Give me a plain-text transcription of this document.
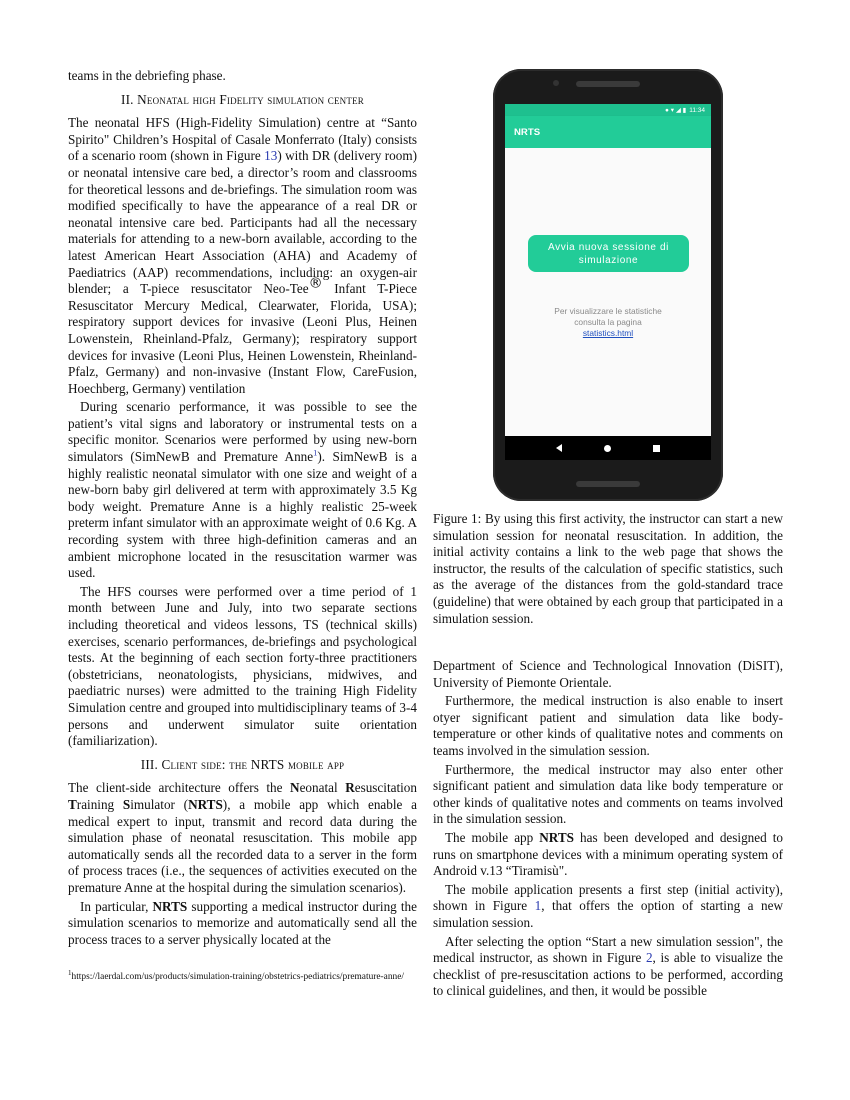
teams in the debriefing phase.

II. Neonatal high Fidelity simulation center

The neonatal HFS (High-Fidelity Simulation) centre at “Santo Spirito" Children’s Hospital of Casale Monferrato (Italy) consists of a scenario room (shown in Figure 13) with DR (delivery room) or neonatal intensive care bed, a director’s room and classrooms for theoretical lessons and de-briefings. The simulation room was modified specifically to have the appearance of a real DR or neonatal intensive care bed. Participants had all the necessary materials for attending to a new-born available, according to the latest American Heart Association (AHA) and Academy of Paediatrics (AAP) recommendations, including: an oxygen-air blender; a T-piece resuscitator Neo-Tee® Infant T-Piece Resuscitator Mercury Medical, Clearwater, Florida, USA); respiratory support devices for invasive (Leoni Plus, Heinen Lowenstein, Rheinland-Pfalz, Germany); respiratory support devices for invasive (Leoni Plus, Heinen Lowenstein, Rheinland-Pfalz, Germany) and non-invasive (Instant Flow, CareFusion, Hoechberg, Germany) ventilation

During scenario performance, it was possible to see the patient’s vital signs and laboratory or instrumental tests on a specific monitor. Scenarios were performed by using new-born simulators (SimNewB and Premature Anne$^1$). SimNewB is a highly realistic neonatal simulator with one size and weight of a new-born baby girl delivered at term with approximately 3.5 Kg body weight. Premature Anne is a highly realistic 25-week preterm infant simulator with an approximate weight of 0.6 Kg. A recording system with three high-definition cameras and an ambient microphone located in the resuscitation warmer was used.

The HFS courses were performed over a time period of 1 month between June and July, into two separate sections including theoretical and videos lessons, TS (technical skills) exercises, scenario performances, de-briefings and psychological tests. At the beginning of each section forty-three practitioners (obstetricians, neonatologists, physicians, midwives, and paediatric nurses) were admitted to the training High Fidelity Simulation centre and grouped into multidisciplinary teams of 3-4 persons and underwent simulator suite orientation (familiarization).

III. Client side: the NRTS mobile app

The client-side architecture offers the Neonatal Resuscitation Training Simulator (NRTS), a mobile app which enable a medical expert to input, transmit and record data during the simulation phase of neonatal resuscitation. This mobile app automatically sends all the recorded data to a server in the form of process traces (i.e., the sequences of activities executed on the premature Anne at the hospital during the simulation scenarios).

In particular, NRTS supporting a medical instructor during the simulation scenarios to memorize and automatically send all the process traces to a server physically located at the

$^1$https://laerdal.com/us/products/simulation-training/obstetrics-pediatrics/premature-anne/
● ▾ ◢ ▮ 11:34
NRTS
Avvia nuova sessione di simulazione
Per visualizzare le statistiche
consulta la pagina
statistics.html
Figure 1: By using this first activity, the instructor can start a new simulation session for neonatal resuscitation. In addition, the initial activity contains a link to the web page that shows the instructor, the results of the calculation of specific statistics, such as the average of the distances from the gold-standard trace (guideline) that were obtained by each group that participated in a simulation session.

Department of Science and Technological Innovation (DiSIT), University of Piemonte Orientale.

Furthermore, the medical instruction is also enable to insert otyer significant patient and simulation data like body-temperature or other kinds of qualitative notes and comments on teams involved in the simulation session.

Furthermore, the medical instructor may also enter other significant patient and simulation data like body temperature or other kinds of qualitative notes and comments on teams involved in the simulation session.

The mobile app NRTS has been developed and designed to runs on smartphone devices with a minimum operating system of Android v.13 “Tiramisù".

The mobile application presents a first step (initial activity), shown in Figure 1, that offers the option of starting a new simulation session.

After selecting the option “Start a new simulation session", the medical instructor, as shown in Figure 2, is able to visualize the checklist of pre-resuscitation actions to be performed, according to clinical guidelines, and then, it would be possible
